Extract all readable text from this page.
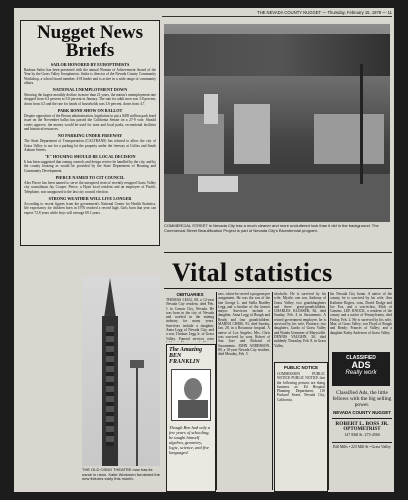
THE NEVADA COUNTY NUGGET — Thursday, February 15, 1979 — 11
Nugget News Briefs
SAILOR HONORED BY EUROPTIMISTS
Barbara Sailor has been presented with the annual Woman of Achievement Award of the Year by the Grass Valley Soroptimists. Sailor is director of the Nevada County Community Workshop, a school board member, 4-H leader and is active in a wide range of community affairs.
NATIONAL UNEMPLOYMENT DOWN
Showing the largest monthly decline in more than 21 years, the nation's unemployment rate dropped from 6.3 percent to 5.8 percent in January. The rate for adult men was 3.8 percent, down from 4.5 and the rate for heads of households was 3.6 percent, down from 4.7.
PARK BOND SHOW ON BALLOT
Despite opposition of the Brown administration, legislation to put a $495 million park bond issue on the November ballot has passed the California Senate on a 27-9 vote. Should voters approve, the money would be used for state and local parks, recreational facilities and historical resources.
NO PARKING UNDER FREEWAY
The State Department of Transportation (CALTRANS) has refused to allow the city of Grass Valley to use for a parking lot the property under the freeway at Colfax and South Auburn Streets.
"E" HOUSING SHOULD BE LOCAL DECISION
It has been suggested that zoning controls and design review be handled by the city, and by the county housing as would be provided by the State Department of Housing and Community Development.
PIERCE NAMED TO CIT COUNCIL
Alex Pierce has been named to serve the unexpired term of recently resigned Grass Valley city councilman Jay Cooper. Pierce, a Hyatt local resident and an employee of Pacific Telephone, was unopposed to the last city council election.
STRONG WEATHER WILL LIVE LONGER
According to recent figures from the government's National Center for Health Statistics, life expectancy for children born in 1976 reached a record high. Girls born that year can expect 72.8 years while boys will average 69.1 years.
COMMERCIAL STREET in Nevada City has a much cleaner and more uncluttered look than it did in the background. The Commercial Street Beautification Project is part of Nevada City's Bicentennial program.
Vital statistics
THE OLD OSBO THEATRE now has its name in neon. Katie Workmen furnished the new fixtures early this month.
OBITUARIES
THOMAS LEGG, 68, a 12-year Nevada City resident, died Feb. 1 in Carson City, Nevada. He was born in the city of Nevada and worked in the mining industry for many years. Survivors include a daughter, Anna Legg of Nevada City, and a son, Thomas Legg Jr. of Grass Valley. Funeral services were
The Amazing BEN FRANKLIN
Though Ben had only a few years of schooling, he taught himself algebra, geometry, logic, science, and five languages!
ears, where he served a program per assignment. He was the son of the late George L. and Stella Bradley Legg and a brother of the former mayor. Survivors include a daughter, Anna Legg of Rough and Ready and four grandchildren. MARNA CHRIS, 93, died Sunday, Jan. 28, in a Rossmoor hospital. A native of Los Angeles, Mrs. Chris was survived by sons, Robert of San Jose and Richard of Sacramento. JOHN ANDERSON, 80, a 10-year Nevada City resident, died Monday, Feb. 5.
alcoholic. He is survived by his wife, Myrtle; one son, Anthony of Grass Valley; two granddaughters and three great-grandchildren. CHARLES KLOSSER, 82, died Sunday, Feb. 4 in Sacramento. A retired government employee, he is survived by his wife, Florence, two daughters, Garda of Grass Valley and Wanda Gremmer of Marysville. DENNIS VAUGHN, 30, died suddenly Thursday, Feb. 8, in Grass Valley.
PUBLIC NOTICE
COMMISSION PUBLIC NOTICE PUBLIC NOTICE that the following persons are doing business as: Ed Hospital Planning Department, 110 Packard Street, Nevada City, California.
his Nevada City home. A native of the county, he is survived by his wife, Ann Kathrine Rogers, sons, David Dodge and Joe Eva, and a son-in-law, Mick of Camino. LEE KNOCK, a resident of the county and a native of Pennsylvania, died Friday, Feb. 2. He is survived by his wife, Mae, of Grass Valley; son Floyd of Rough and Ready; Frances of Valley; and a daughter Kathy Anderson of Grass Valley.
CLASSIFIED
ADS
Really work
Classified Ads, the little fellows with the big selling power.
NEVADA COUNTY NUGGET
ROBERT L. BOSS JR.
OPTOMETRIST
147 Mill St. 273-4560
Bill Mills • 223 Mill St • Grass Valley
